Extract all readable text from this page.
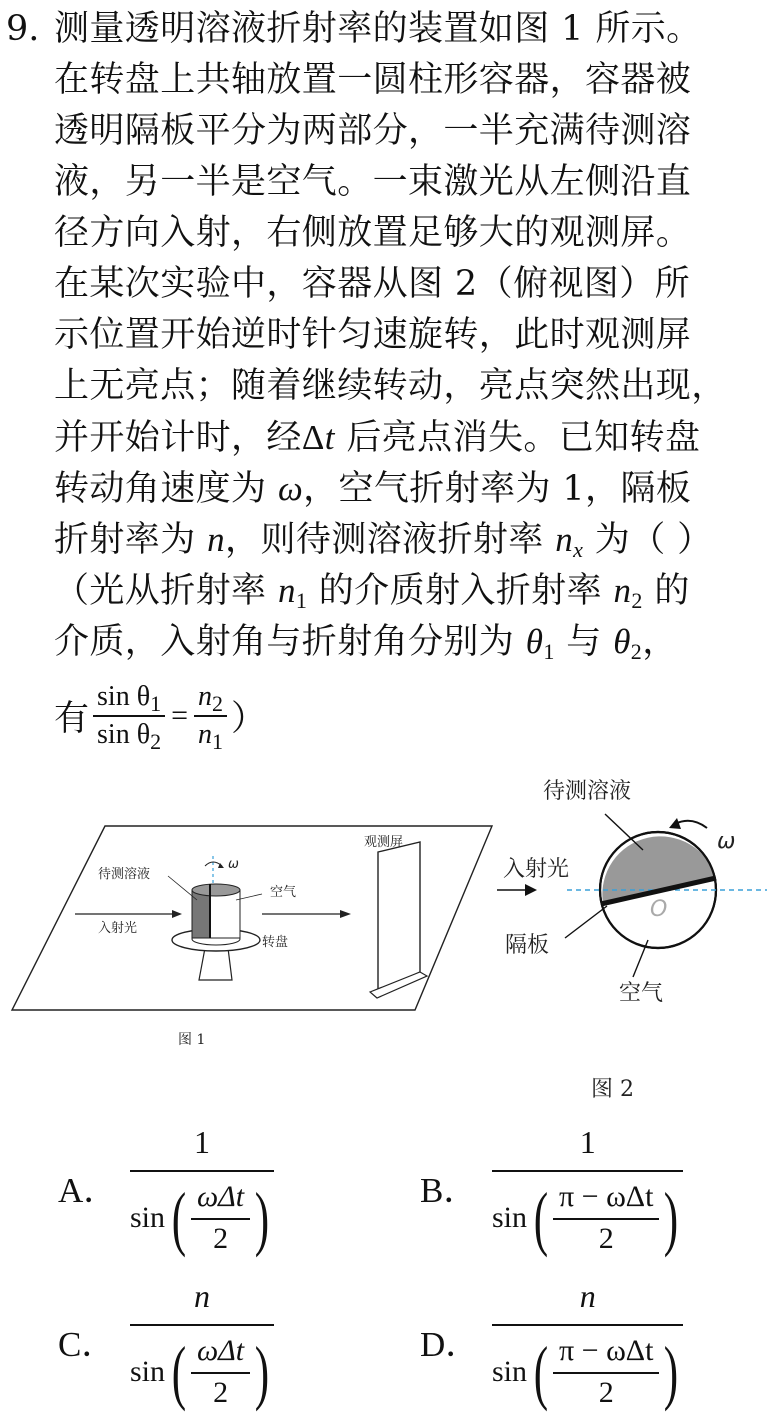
9. 测量透明溶液折射率的装置如图 1 所示。
在转盘上共轴放置一圆柱形容器，容器被
透明隔板平分为两部分，一半充满待测溶
液，另一半是空气。一束激光从左侧沿直
径方向入射，右侧放置足够大的观测屏。
在某次实验中，容器从图 2（俯视图）所
示位置开始逆时针匀速旋转，此时观测屏
上无亮点；随着继续转动，亮点突然出现，
并开始计时，经Δt 后亮点消失。已知转盘
转动角速度为 ω，空气折射率为 1，隔板
折射率为 n，则待测溶液折射率 $n_x$ 为（ ）
（光从折射率 $n_1$ 的介质射入折射率 $n_2$ 的
介质，入射角与折射角分别为 $\theta_1$ 与 $\theta_2$，
有 $\frac{\sin \theta_1}{\sin \theta_2} = \frac{n_2}{n_1}$ ）
待测溶液
ω
空气
入射光
转盘
观测屏
图 1
待测溶液
ω
入射光
O
隔板
空气
图 2
A． $\frac{1}{\sin ( \frac{\text{ωΔt}}{2} )}$	B． $\frac{1}{\sin ( \frac{\text{π − ωΔt}}{2} )}$
C． $\frac{n}{\sin ( \frac{\text{ωΔt}}{2} )}$	D． $\frac{n}{\sin ( \frac{\text{π − ωΔt}}{2} )}$
